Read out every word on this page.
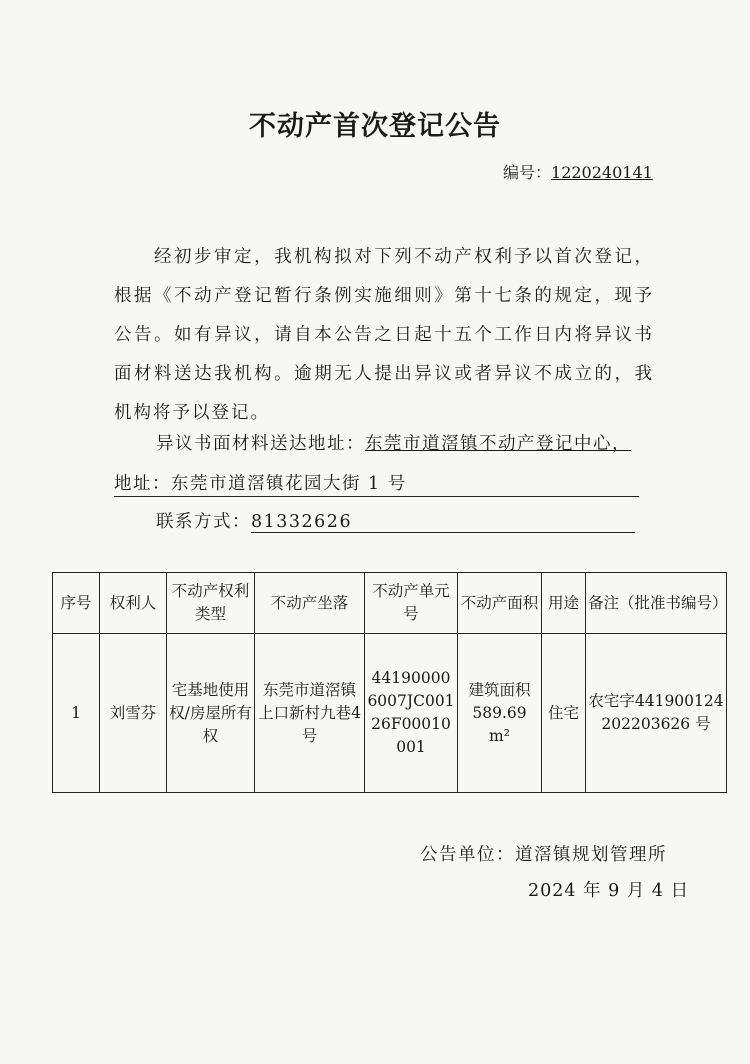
不动产首次登记公告
编号：1220240141
经初步审定，我机构拟对下列不动产权利予以首次登记，根据《不动产登记暂行条例实施细则》第十七条的规定，现予公告。如有异议，请自本公告之日起十五个工作日内将异议书面材料送达我机构。逾期无人提出异议或者异议不成立的，我机构将予以登记。
异议书面材料送达地址：东莞市道滘镇不动产登记中心，
地址：东莞市道滘镇花园大街 1 号
联系方式：81332626
序号	权利人	不动产权利类型	不动产坐落	不动产单元号	不动产面积	用途	备注（批准书编号）
1	刘雪芬	宅基地使用权/房屋所有权	东莞市道滘镇上口新村九巷4号	441900006007JC00126F00010001	建筑面积589.69 m²	住宅	农宅字441900124202203626 号
公告单位：道滘镇规划管理所
2024 年 9 月 4 日
